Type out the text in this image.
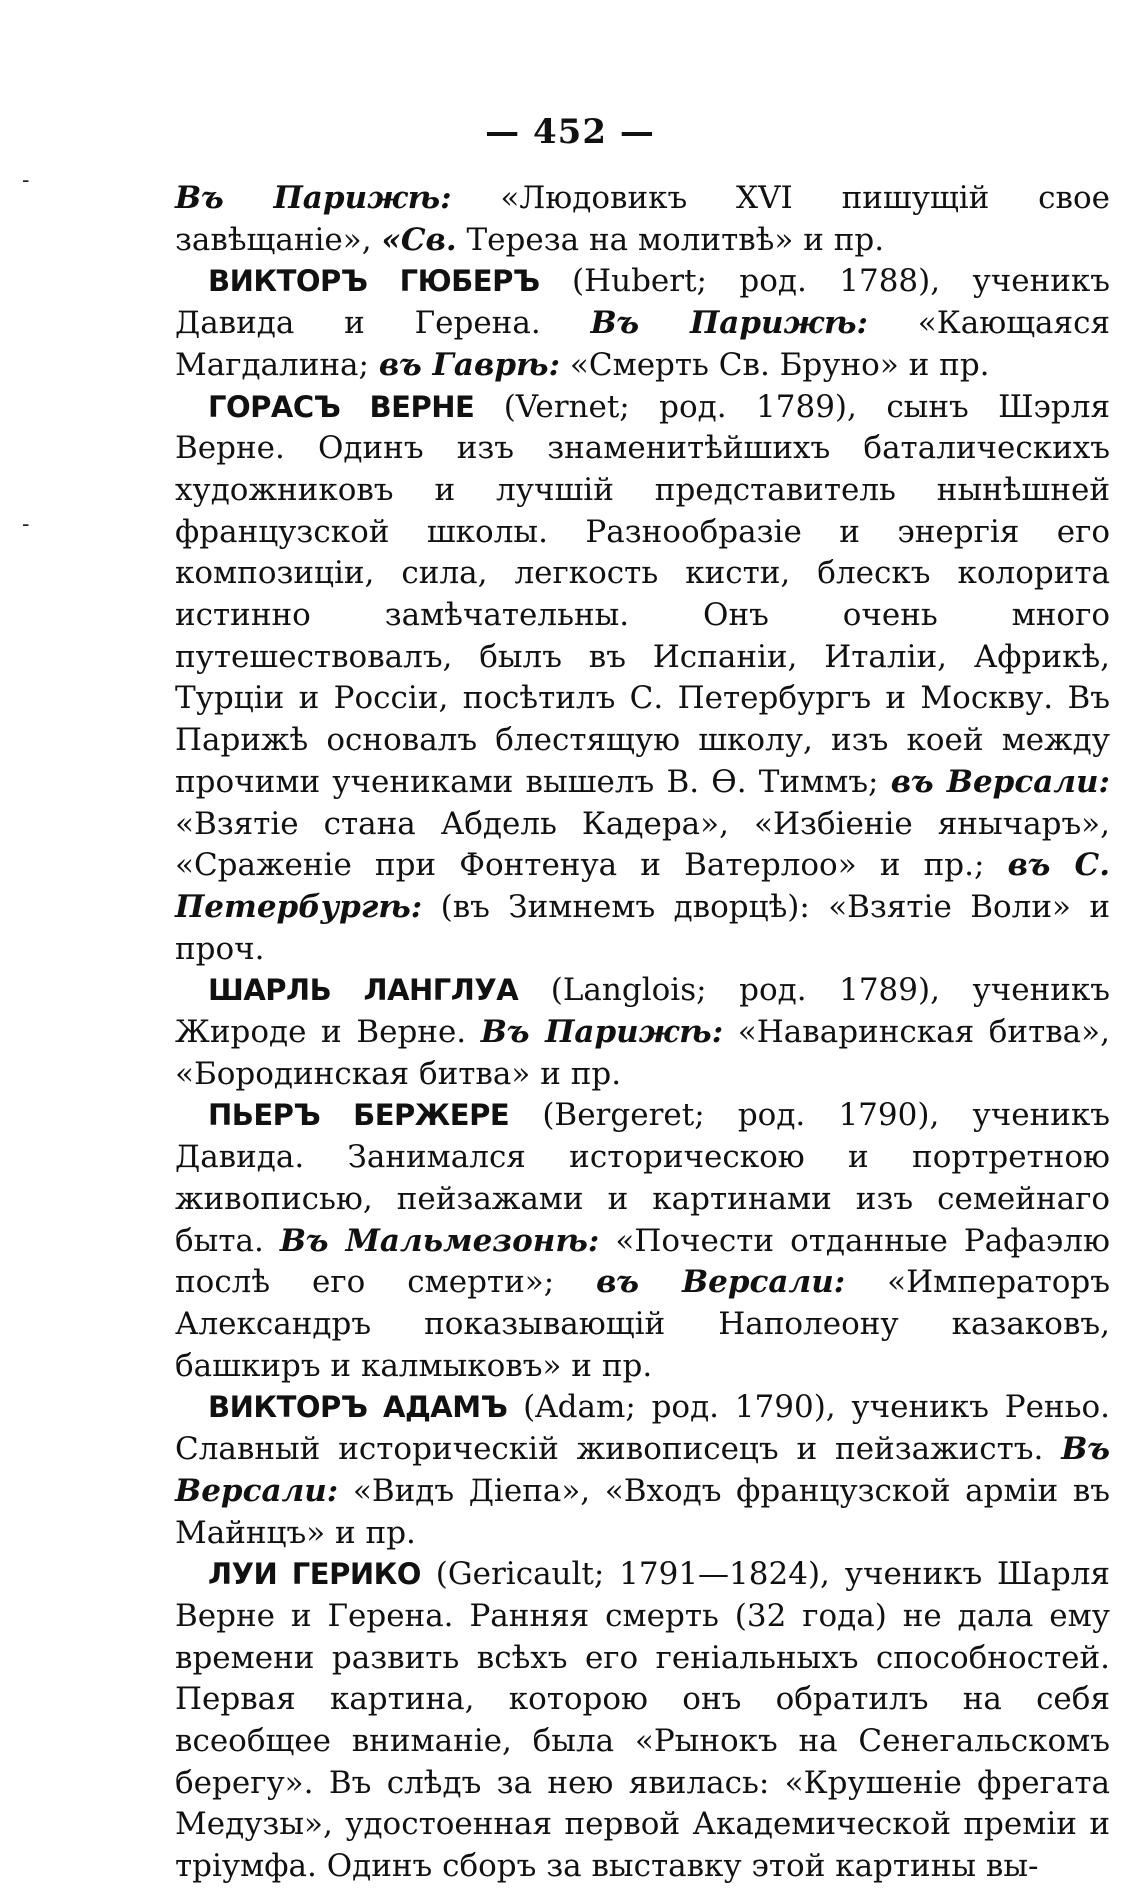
— 452 —
-
-

Въ Парижѣ: «Людовикъ XVI пишущій свое завѣщаніе», «Св. Тереза на молитвѣ» и пр.

ВИКТОРЪ ГЮБЕРЪ (Hubert; род. 1788), ученикъ Давида и Герена. Въ Парижѣ: «Кающаяся Магдалина; въ Гаврѣ: «Смерть Св. Бруно» и пр.

ГОРАСЪ ВЕРНЕ (Vernet; род. 1789), сынъ Шэрля Верне. Одинъ изъ знаменитѣйшихъ баталическихъ художниковъ и лучшій представитель нынѣшней французской школы. Разнообразіе и энергія его композиціи, сила, легкость кисти, блескъ колорита истинно замѣчательны. Онъ очень много путешествовалъ, былъ въ Испаніи, Италіи, Африкѣ, Турціи и Россіи, посѣтилъ С. Петербургъ и Москву. Въ Парижѣ основалъ блестящую школу, изъ коей между прочими учениками вышелъ В. Ѳ. Тиммъ; въ Версали: «Взятіе стана Абдель Кадера», «Избіеніе янычаръ», «Сраженіе при Фонтенуа и Ватерлоо» и пр.; въ С. Петербургѣ: (въ Зимнемъ дворцѣ): «Взятіе Воли» и проч.

ШАРЛЬ ЛАНГЛУА (Langlois; род. 1789), ученикъ Жироде и Верне. Въ Парижѣ: «Наваринская битва», «Бородинская битва» и пр.

ПЬЕРЪ БЕРЖЕРЕ (Bergeret; род. 1790), ученикъ Давида. Занимался историческою и портретною живописью, пейзажами и картинами изъ семейнаго быта. Въ Мальмезонѣ: «Почести отданные Рафаэлю послѣ его смерти»; въ Версали: «Императоръ Александръ показывающій Наполеону казаковъ, башкиръ и калмыковъ» и пр.

ВИКТОРЪ АДАМЪ (Adam; род. 1790), ученикъ Реньо. Славный историческій живописецъ и пейзажистъ. Въ Версали: «Видъ Діепа», «Входъ французской арміи въ Майнцъ» и пр.

ЛУИ ГЕРИКО (Gericault; 1791—1824), ученикъ Шарля Верне и Герена. Ранняя смерть (32 года) не дала ему времени развить всѣхъ его геніальныхъ способностей. Первая картина, которою онъ обратилъ на себя всеобщее вниманіе, была «Рынокъ на Сенегальскомъ берегу». Въ слѣдъ за нею явилась: «Крушеніе фрегата Медузы», удостоенная первой Академической преміи и тріумфа. Одинъ сборъ за выставку этой картины вы-
